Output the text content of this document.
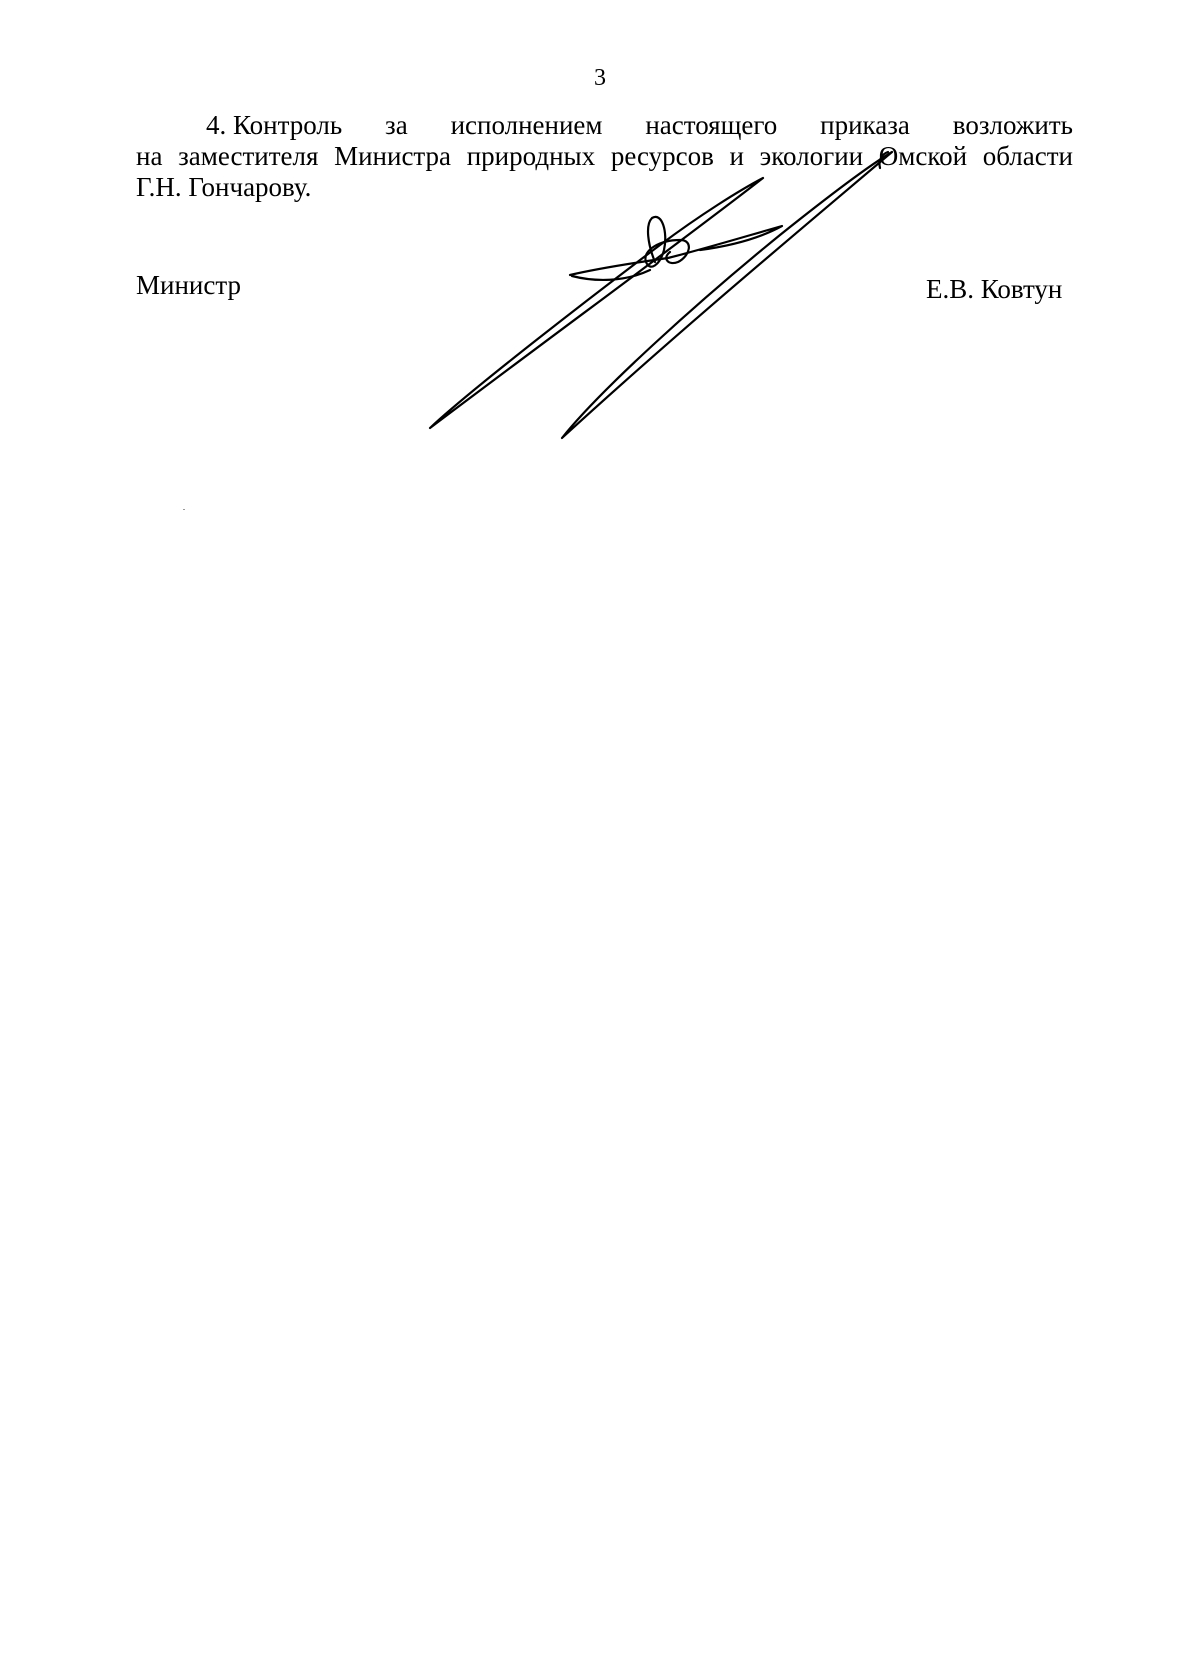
3
4. Контроль за исполнением настоящего приказа возложить
на заместителя Министра природных ресурсов и экологии Омской области
Г.Н. Гончарову.
Министр	Е.В. Ковтун
